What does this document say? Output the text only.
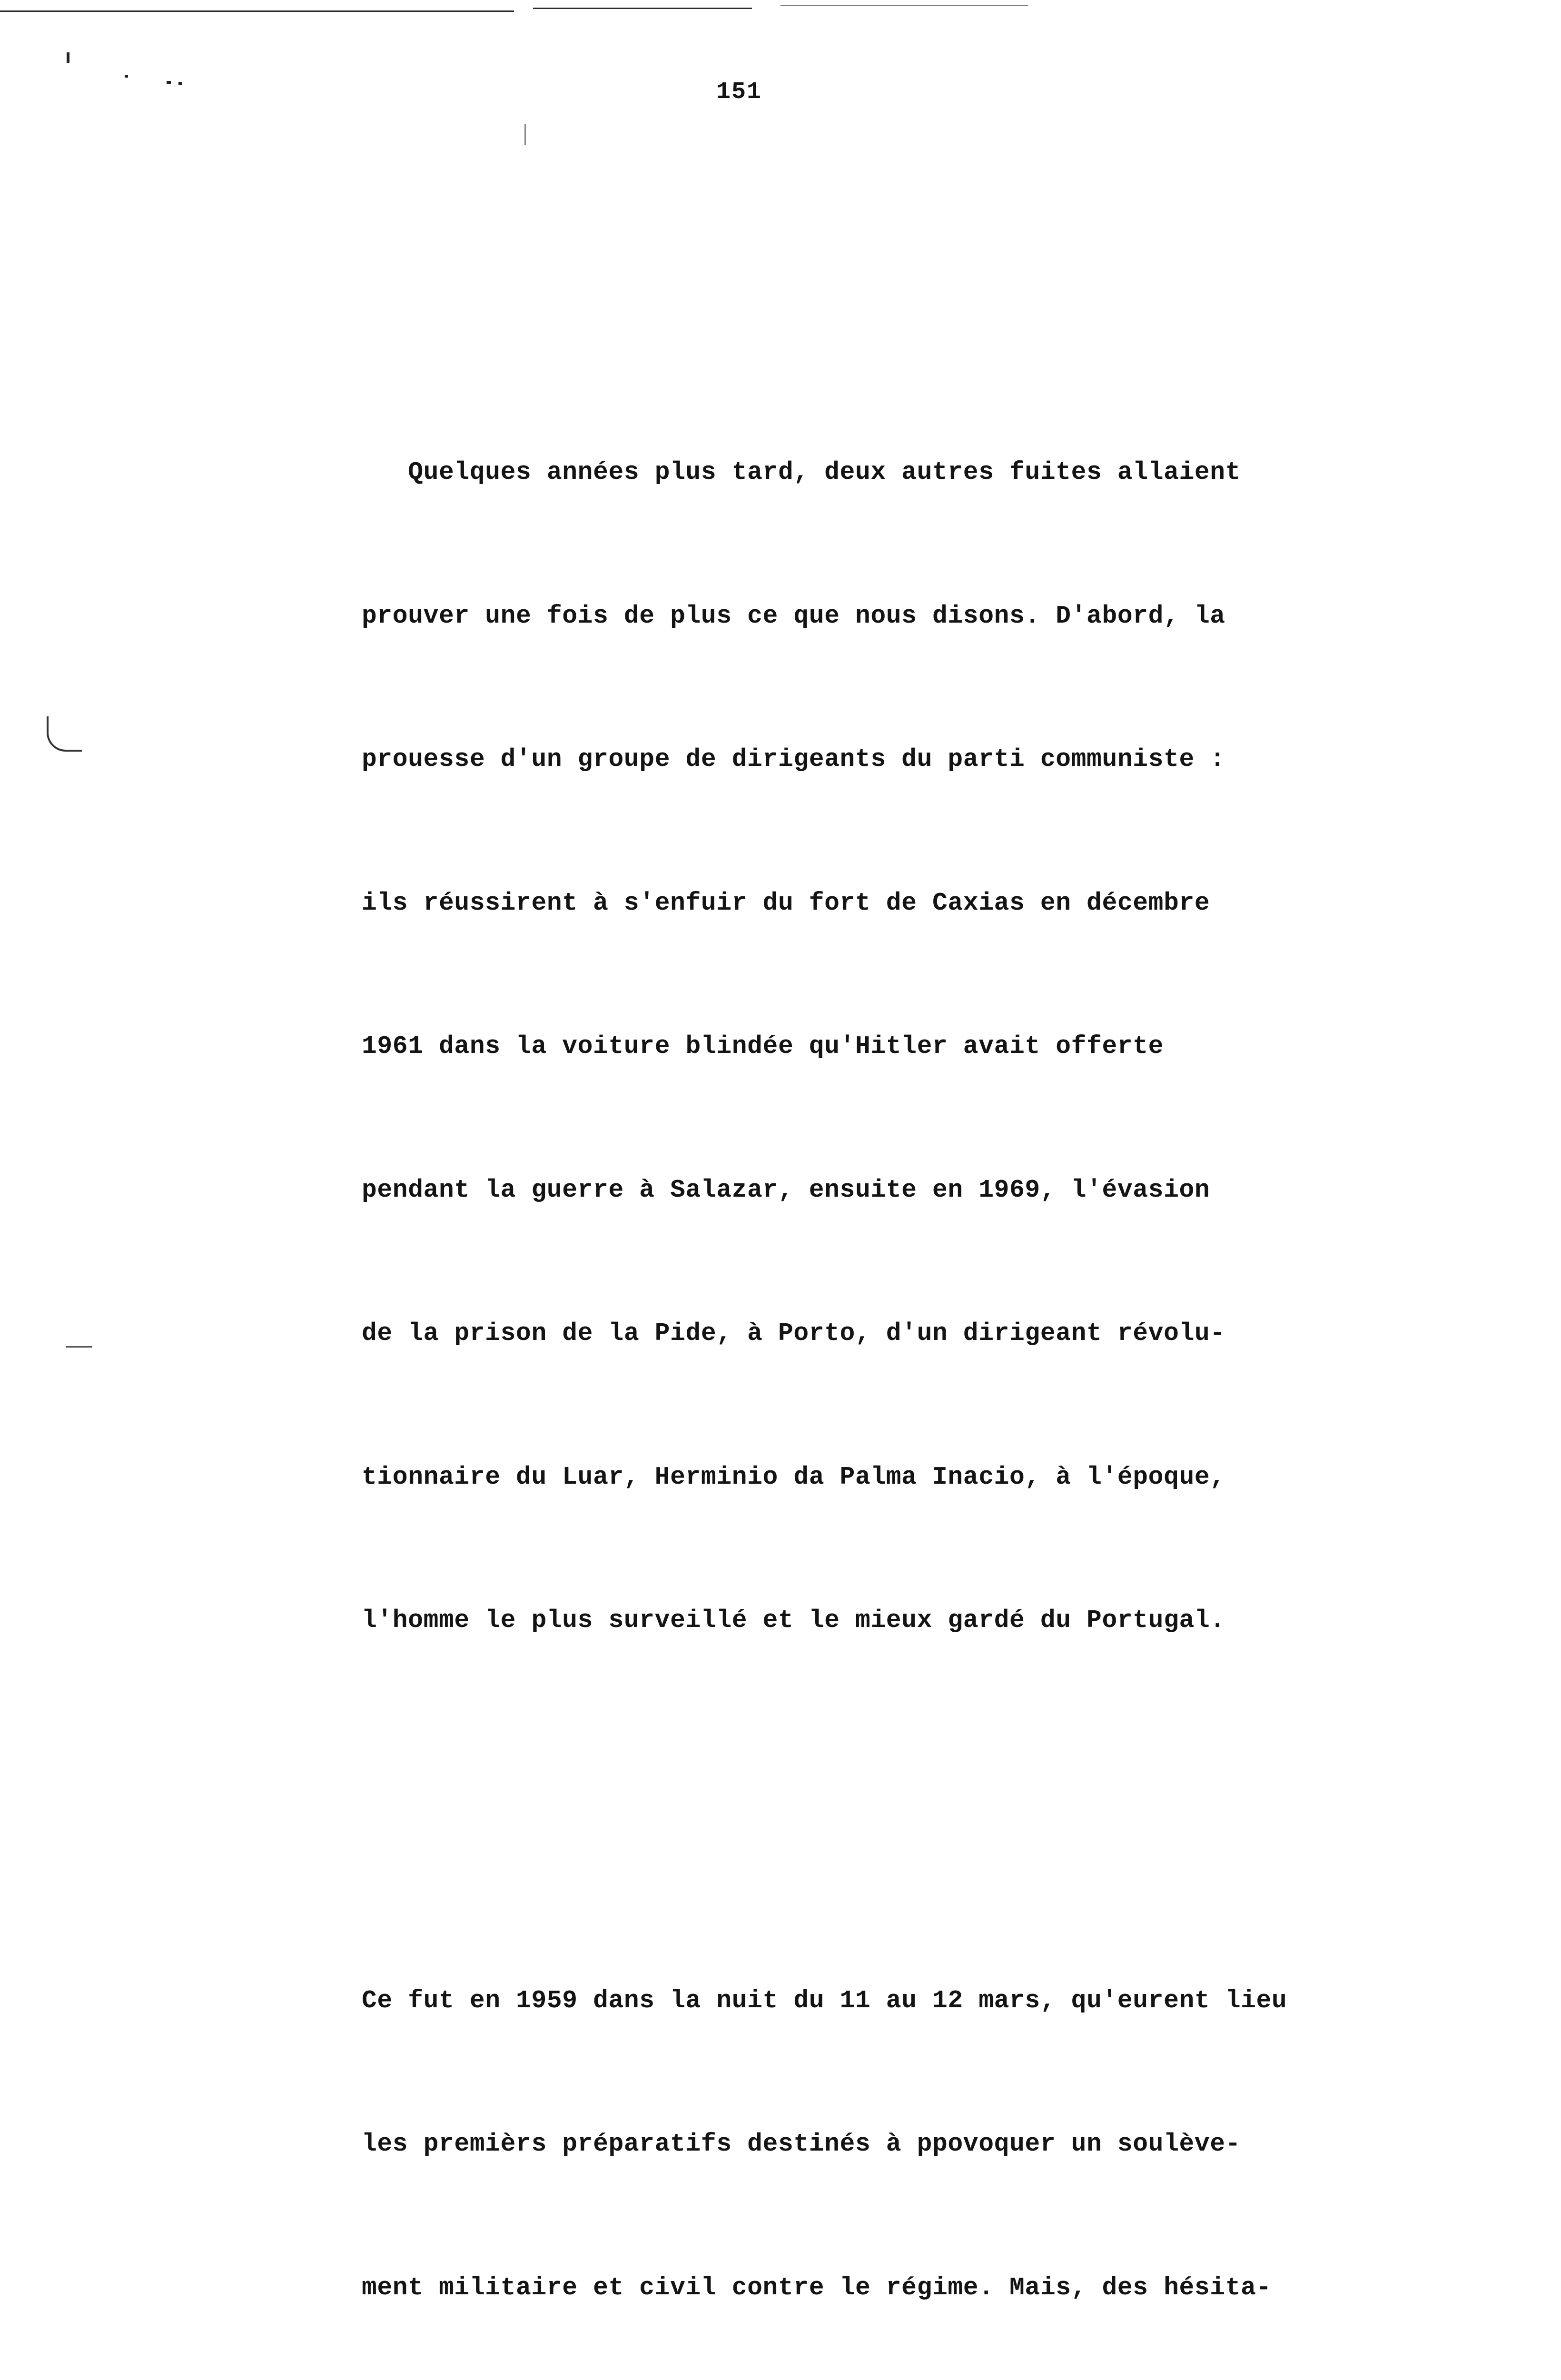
151

Quelques années plus tard, deux autres fuites allaient

prouver une fois de plus ce que nous disons. D'abord, la

prouesse d'un groupe de dirigeants du parti communiste :

ils réussirent à s'enfuir du fort de Caxias en décembre

1961 dans la voiture blindée qu'Hitler avait offerte

pendant la guerre à Salazar, ensuite en 1969, l'évasion

de la prison de la Pide, à Porto, d'un dirigeant révolu-

tionnaire du Luar, Herminio da Palma Inacio, à l'époque,

l'homme le plus surveillé et le mieux gardé du Portugal.

Ce fut en 1959 dans la nuit du 11 au 12 mars, qu'eurent lieu

les premièrs préparatifs destinés à ppovoquer un soulève-

ment militaire et civil contre le régime. Mais, des hésita-
